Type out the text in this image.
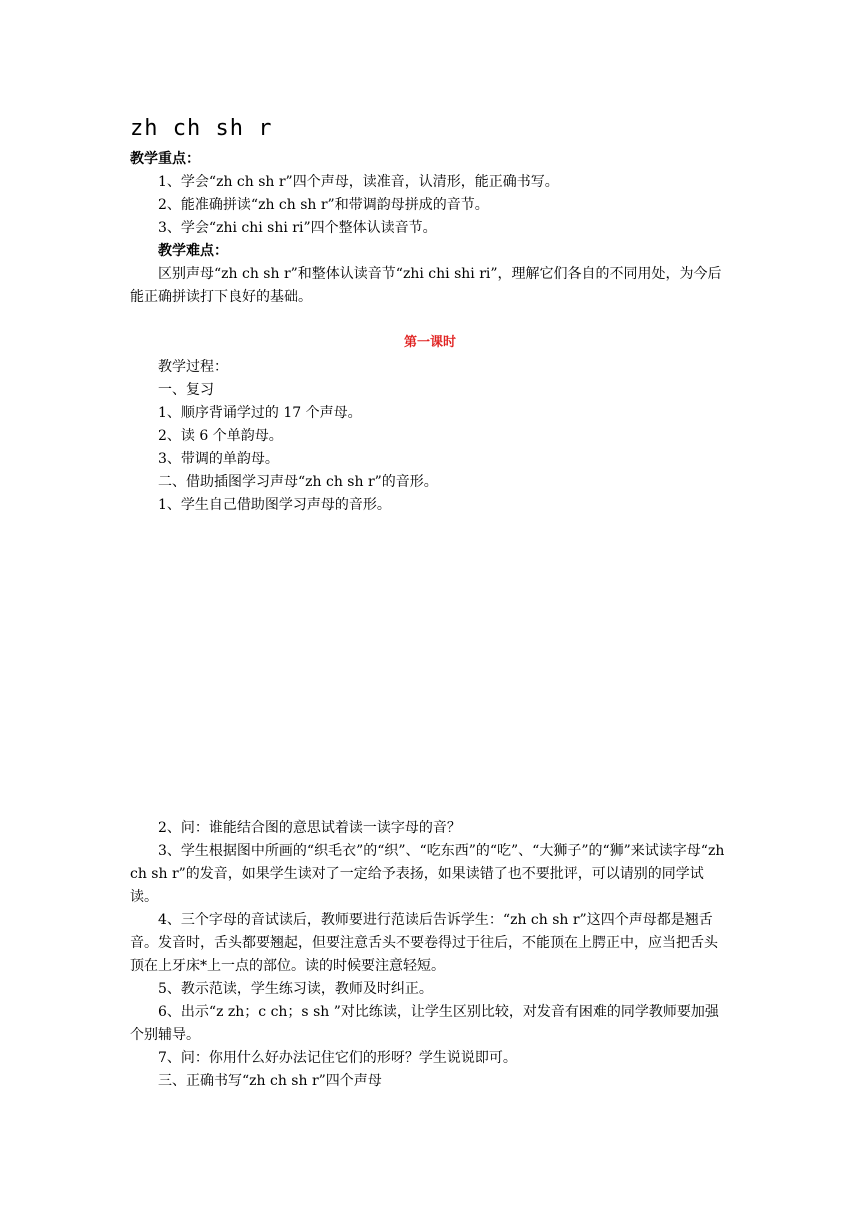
zh ch sh r
教学重点：
1、学会“zh ch sh r”四个声母，读准音，认清形，能正确书写。
2、能准确拼读“zh ch sh r”和带调韵母拼成的音节。
3、学会“zhi chi shi ri”四个整体认读音节。
教学难点：
区别声母“zh ch sh r”和整体认读音节“zhi chi shi ri”，理解它们各自的不同用处，为今后能正确拼读打下良好的基础。
第一课时
教学过程：
一、复习
1、顺序背诵学过的 17 个声母。
2、读 6 个单韵母。
3、带调的单韵母。
二、借助插图学习声母“zh ch sh r”的音形。
1、学生自己借助图学习声母的音形。
2、问：谁能结合图的意思试着读一读字母的音？
3、学生根据图中所画的“织毛衣”的“织”、“吃东西”的“吃”、“大狮子”的“狮”来试读字母“zh ch sh r”的发音，如果学生读对了一定给予表扬，如果读错了也不要批评，可以请别的同学试读。
4、三个字母的音试读后，教师要进行范读后告诉学生：“zh ch sh r”这四个声母都是翘舌音。发音时，舌头都要翘起，但要注意舌头不要卷得过于往后，不能顶在上腭正中，应当把舌头顶在上牙床*上一点的部位。读的时候要注意轻短。
5、教示范读，学生练习读，教师及时纠正。
6、出示“z zh；c ch；s sh ”对比练读，让学生区别比较，对发音有困难的同学教师要加强个别辅导。
7、问：你用什么好办法记住它们的形呀？学生说说即可。
三、正确书写“zh ch sh r”四个声母
